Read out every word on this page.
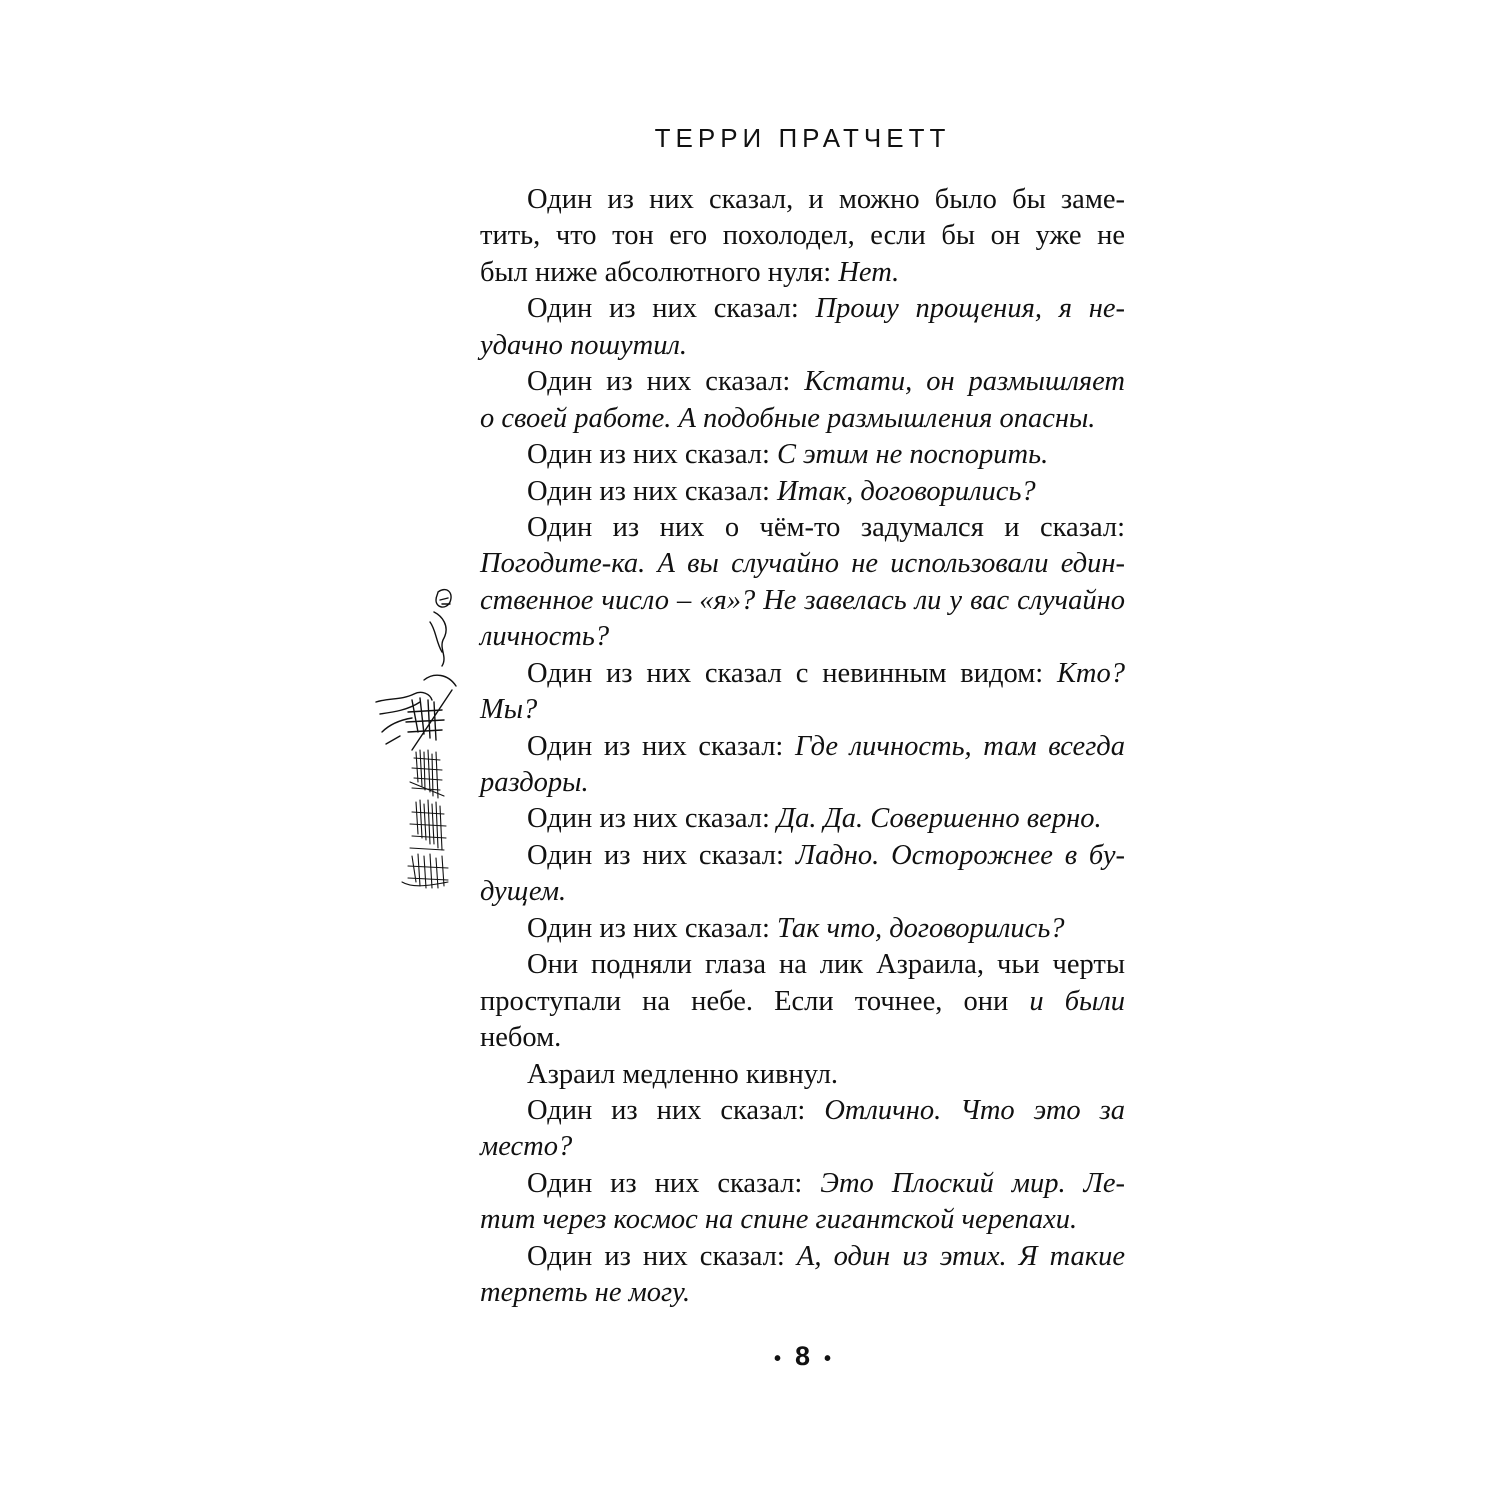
ТЕРРИ ПРАТЧЕТТ
Один из них сказал, и можно было бы заме-
тить, что тон его похолодел, если бы он уже не
был ниже абсолютного нуля: Нет.
Один из них сказал: Прошу прощения, я не-
удачно пошутил.
Один из них сказал: Кстати, он размышляет
о своей работе. А подобные размышления опасны.
Один из них сказал: С этим не поспорить.
Один из них сказал: Итак, договорились?
Один из них о чём-то задумался и сказал:
Погодите-ка. А вы случайно не использовали един-
ственное число – «я»? Не завелась ли у вас случайно
личность?
Один из них сказал с невинным видом: Кто?
Мы?
Один из них сказал: Где личность, там всегда
раздоры.
Один из них сказал: Да. Да. Совершенно верно.
Один из них сказал: Ладно. Осторожнее в бу-
дущем.
Один из них сказал: Так что, договорились?
Они подняли глаза на лик Азраила, чьи черты
проступали на небе. Если точнее, они и были
небом.
Азраил медленно кивнул.
Один из них сказал: Отлично. Что это за
место?
Один из них сказал: Это Плоский мир. Ле-
тит через космос на спине гигантской черепахи.
Один из них сказал: А, один из этих. Я такие
терпеть не могу.
• 8 •
